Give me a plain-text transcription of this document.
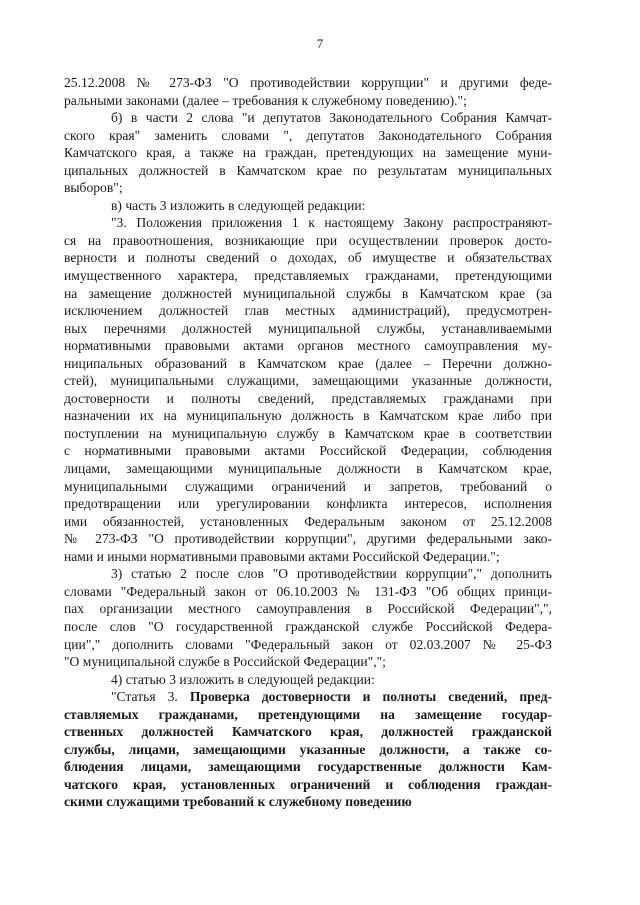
7
25.12.2008 № 273-ФЗ "О противодействии коррупции" и другими феде-
ральными законами (далее – требования к служебному поведению).";
б) в части 2 слова "и депутатов Законодательного Собрания Камчат-
ского края" заменить словами ", депутатов Законодательного Собрания
Камчатского края, а также на граждан, претендующих на замещение муни-
ципальных должностей в Камчатском крае по результатам муниципальных
выборов";
в) часть 3 изложить в следующей редакции:
"3. Положения приложения 1 к настоящему Закону распространяют-
ся на правоотношения, возникающие при осуществлении проверок досто-
верности и полноты сведений о доходах, об имуществе и обязательствах
имущественного характера, представляемых гражданами, претендующими
на замещение должностей муниципальной службы в Камчатском крае (за
исключением должностей глав местных администраций), предусмотрен-
ных перечнями должностей муниципальной службы, устанавливаемыми
нормативными правовыми актами органов местного самоуправления му-
ниципальных образований в Камчатском крае (далее – Перечни должно-
стей), муниципальными служащими, замещающими указанные должности,
достоверности и полноты сведений, представляемых гражданами при
назначении их на муниципальную должность в Камчатском крае либо при
поступлении на муниципальную службу в Камчатском крае в соответствии
с нормативными правовыми актами Российской Федерации, соблюдения
лицами, замещающими муниципальные должности в Камчатском крае,
муниципальными служащими ограничений и запретов, требований о
предотвращении или урегулировании конфликта интересов, исполнения
ими обязанностей, установленных Федеральным законом от 25.12.2008
№ 273-ФЗ "О противодействии коррупции", другими федеральными зако-
нами и иными нормативными правовыми актами Российской Федерации.";
3) статью 2 после слов "О противодействии коррупции"," дополнить
словами "Федеральный закон от 06.10.2003 № 131-ФЗ "Об общих принци-
пах организации местного самоуправления в Российской Федерации",",
после слов "О государственной гражданской службе Российской Федера-
ции"," дополнить словами "Федеральный закон от 02.03.2007 № 25-ФЗ
"О муниципальной службе в Российской Федерации",";
4) статью 3 изложить в следующей редакции:
"Статья 3. Проверка достоверности и полноты сведений, пред-
ставляемых гражданами, претендующими на замещение государ-
ственных должностей Камчатского края, должностей гражданской
службы, лицами, замещающими указанные должности, а также со-
блюдения лицами, замещающими государственные должности Кам-
чатского края, установленных ограничений и соблюдения граждан-
скими служащими требований к служебному поведению
